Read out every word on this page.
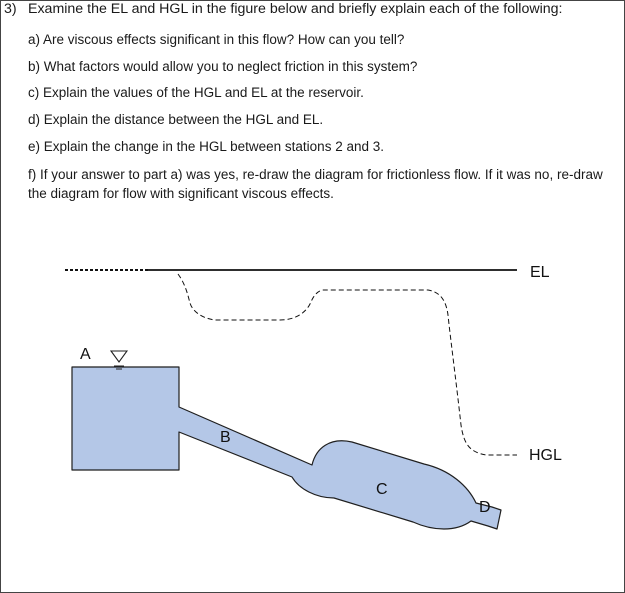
3) Examine the EL and HGL in the figure below and briefly explain each of the following:
a) Are viscous effects significant in this flow? How can you tell?
b) What factors would allow you to neglect friction in this system?
c) Explain the values of the HGL and EL at the reservoir.
d) Explain the distance between the HGL and EL.
e) Explain the change in the HGL between stations 2 and 3.
f) If your answer to part a) was yes, re-draw the diagram for frictionless flow. If it was no, re-draw the diagram for flow with significant viscous effects.
EL
HGL
A
B
C
D
